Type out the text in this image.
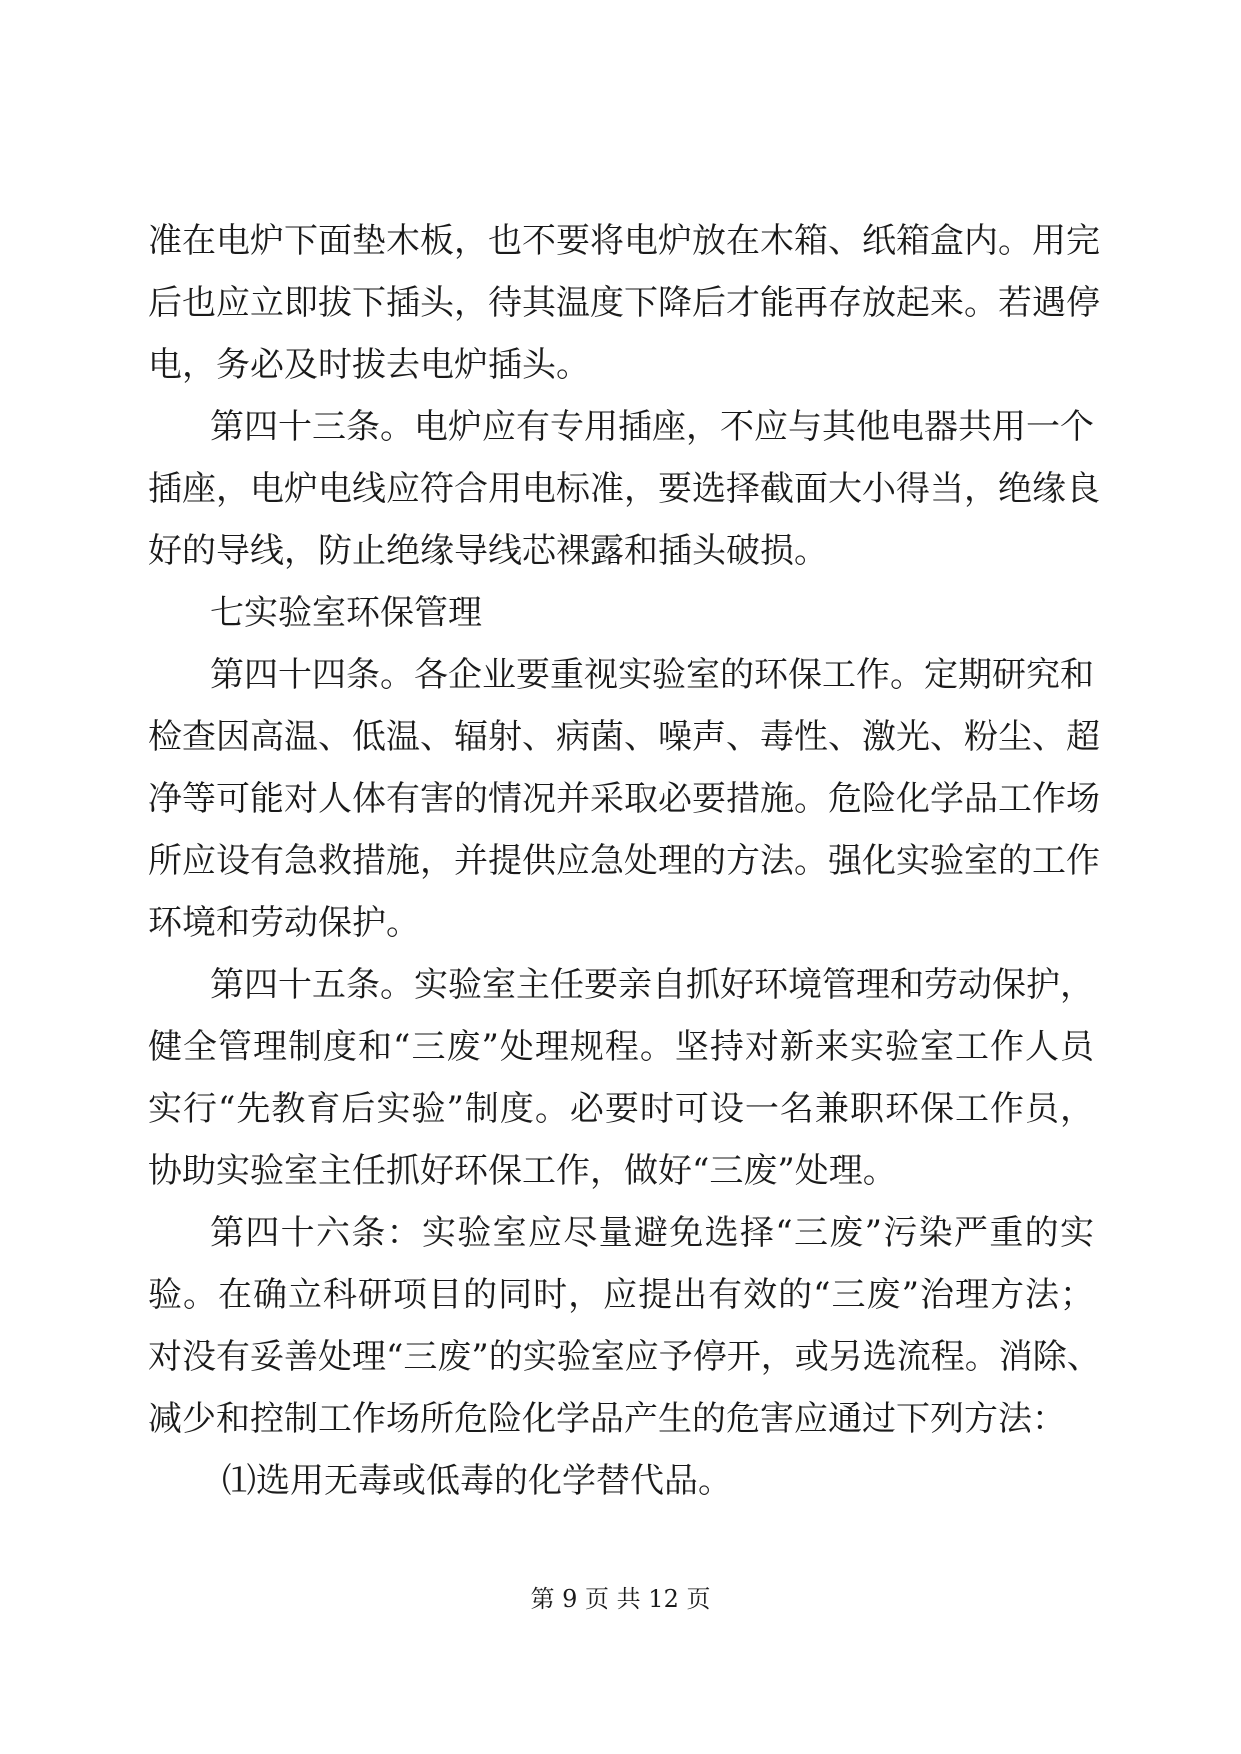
准在电炉下面垫木板，也不要将电炉放在木箱、纸箱盒内。用完
后也应立即拔下插头，待其温度下降后才能再存放起来。若遇停
电，务必及时拔去电炉插头。
第四十三条。电炉应有专用插座，不应与其他电器共用一个
插座，电炉电线应符合用电标准，要选择截面大小得当，绝缘良
好的导线，防止绝缘导线芯裸露和插头破损。
七实验室环保管理
第四十四条。各企业要重视实验室的环保工作。定期研究和
检查因高温、低温、辐射、病菌、噪声、毒性、激光、粉尘、超
净等可能对人体有害的情况并采取必要措施。危险化学品工作场
所应设有急救措施，并提供应急处理的方法。强化实验室的工作
环境和劳动保护。
第四十五条。实验室主任要亲自抓好环境管理和劳动保护，
健全管理制度和“三废”处理规程。坚持对新来实验室工作人员
实行“先教育后实验”制度。必要时可设一名兼职环保工作员，
协助实验室主任抓好环保工作，做好“三废”处理。
第四十六条：实验室应尽量避免选择“三废”污染严重的实
验。在确立科研项目的同时，应提出有效的“三废”治理方法；
对没有妥善处理“三废”的实验室应予停开，或另选流程。消除、
减少和控制工作场所危险化学品产生的危害应通过下列方法：
⑴选用无毒或低毒的化学替代品。
第 9 页 共 12 页
